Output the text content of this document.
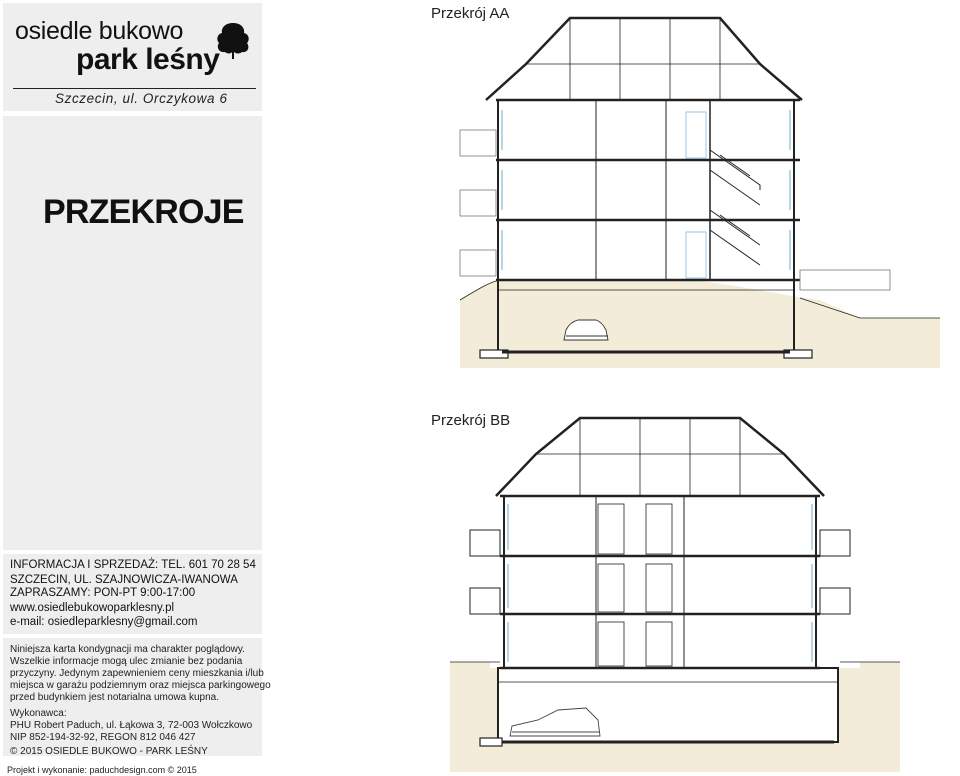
osiedle bukowo
park leśny
Szczecin, ul. Orczykowa 6
PRZEKROJE
INFORMACJA I SPRZEDAŻ: TEL. 601 70 28 54
SZCZECIN, UL. SZAJNOWICZA-IWANOWA
ZAPRASZAMY: PON-PT 9:00-17:00
www.osiedlebukowoparklesny.pl
e-mail: osiedleparklesny@gmail.com
Niniejsza karta kondygnacji ma charakter poglądowy.
Wszelkie informacje mogą ulec zmianie bez podania
przyczyny. Jedynym zapewnieniem ceny mieszkania i/lub
miejsca w garażu podziemnym oraz miejsca parkingowego
przed budynkiem jest notarialna umowa kupna.
Wykonawca:
PHU Robert Paduch, ul. Łąkowa 3, 72-003 Wołczkowo
NIP 852-194-32-92, REGON 812 046 427
© 2015 OSIEDLE BUKOWO - PARK LEŚNY
Projekt i wykonanie: paduchdesign.com © 2015
Przekrój AA
Przekrój BB
